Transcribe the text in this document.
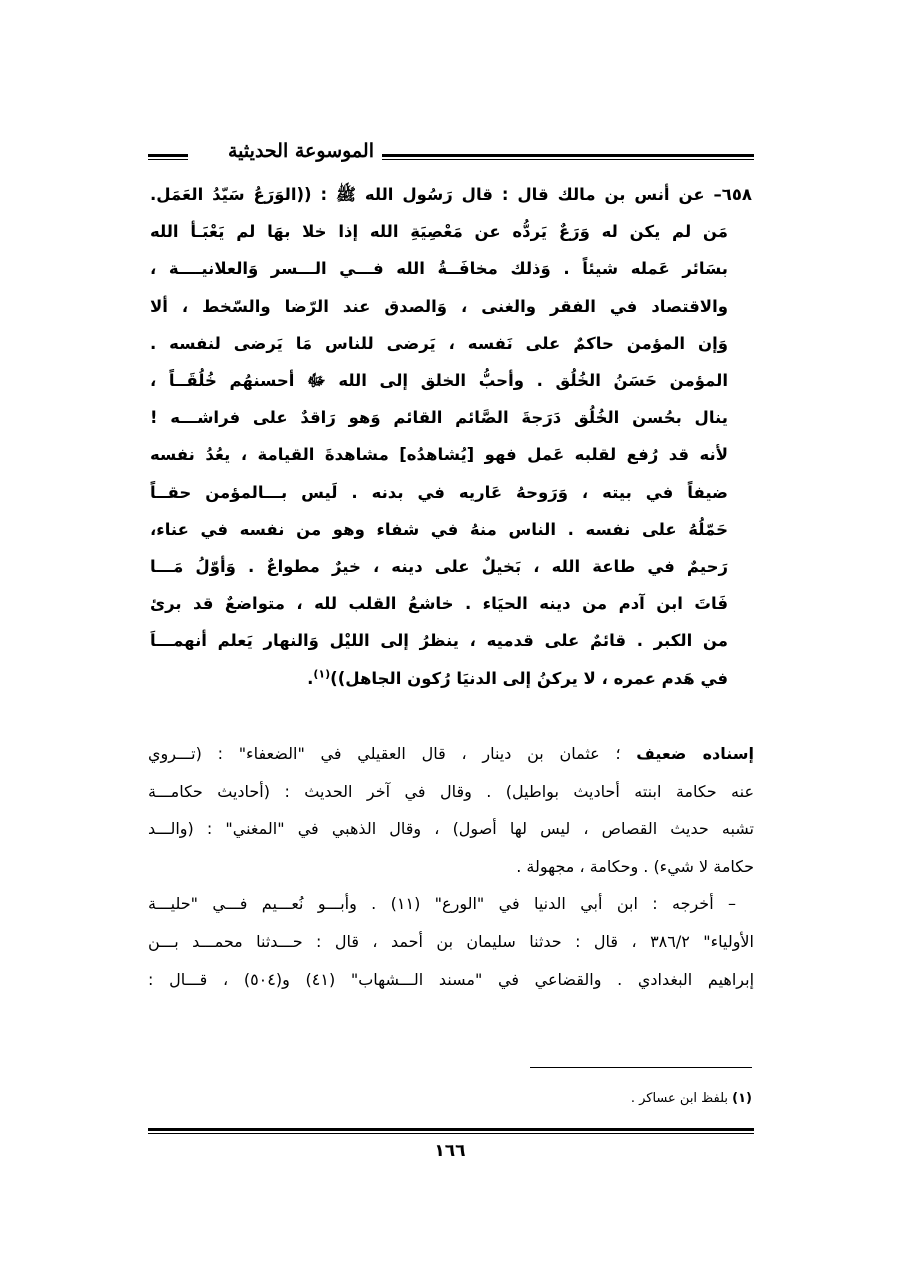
الموسوعة الحديثية
٦٥٨– عن أنس بن مالك قال : قال رَسُول الله ﷺ : ((الوَرَعُ سَيّدُ العَمَل.
مَن لم يكن له وَرَعٌ يَردُّه عن مَعْصِيَةِ الله إذا خلا بهَا لم يَعْبَـأ الله
بسَائر عَمله شيئاً . وَذلك مخافَــةُ الله فـــي الـــسر وَالعلانيــــة ،
والاقتصاد في الفقر والغنى ، وَالصدق عند الرّضا والسّخط ، ألا
وَإن المؤمن حاكمٌ على نَفسه ، يَرضى للناس مَا يَرضى لنفسه .
المؤمن حَسَنُ الخُلُق . وأحبُّ الخلق إلى الله ﷻ أحسنهُم خُلُقَــاً ،
ينال بحُسن الخُلُق دَرَجةَ الصَّائم القائم وَهو رَاقدٌ على فراشـــه !
لأنه قد رُفع لقلبه عَمل فهو [يُشاهدُه] مشاهدةَ القيامة ، يعُدُ نفسه
ضيفاً في بيته ، وَرَوحهُ عَاريه في بدنه . لَيس بـــالمؤمن حقــاً
حَمّلُهُ على نفسه . الناس منهُ في شفاء وهو من نفسه في عناء،
رَحيمٌ في طاعة الله ، بَخيلٌ على دينه ، خيرٌ مطواعٌ . وَأوّلُ مَـــا
فَاتَ ابن آدم من دينه الحيَاء . خاشعُ القلب لله ، متواضعٌ قد برئ
من الكبر . قائمٌ على قدميه ، ينظرُ إلى الليْل وَالنهار يَعلم أنهمـــاَ
في هَدم عمره ، لا يركنُ إلى الدنيَا رُكون الجاهل))$^{(١)}$.
إسناده ضعيف ؛ عثمان بن دينار ، قال العقيلي في "الضعفاء" : (تـــروي
عنه حكامة ابنته أحاديث بواطيل) . وقال في آخر الحديث : (أحاديث حكامـــة
تشبه حديث القصاص ، ليس لها أصول) ، وقال الذهبي في "المغني" : (والـــد
حكامة لا شيء) . وحكامة ، مجهولة .
– أخرجه : ابن أبي الدنيا في "الورع" (١١) . وأبـــو نُعـــيم فـــي "حليـــة
الأولياء" ٣٨٦/٢ ، قال : حدثنا سليمان بن أحمد ، قال : حـــدثنا محمـــد بـــن
إبراهيم البغدادي . والقضاعي في "مسند الـــشهاب" (٤١) و(٥٠٤) ، قـــال :
(١) بلفظ ابن عساكر .
١٦٦
